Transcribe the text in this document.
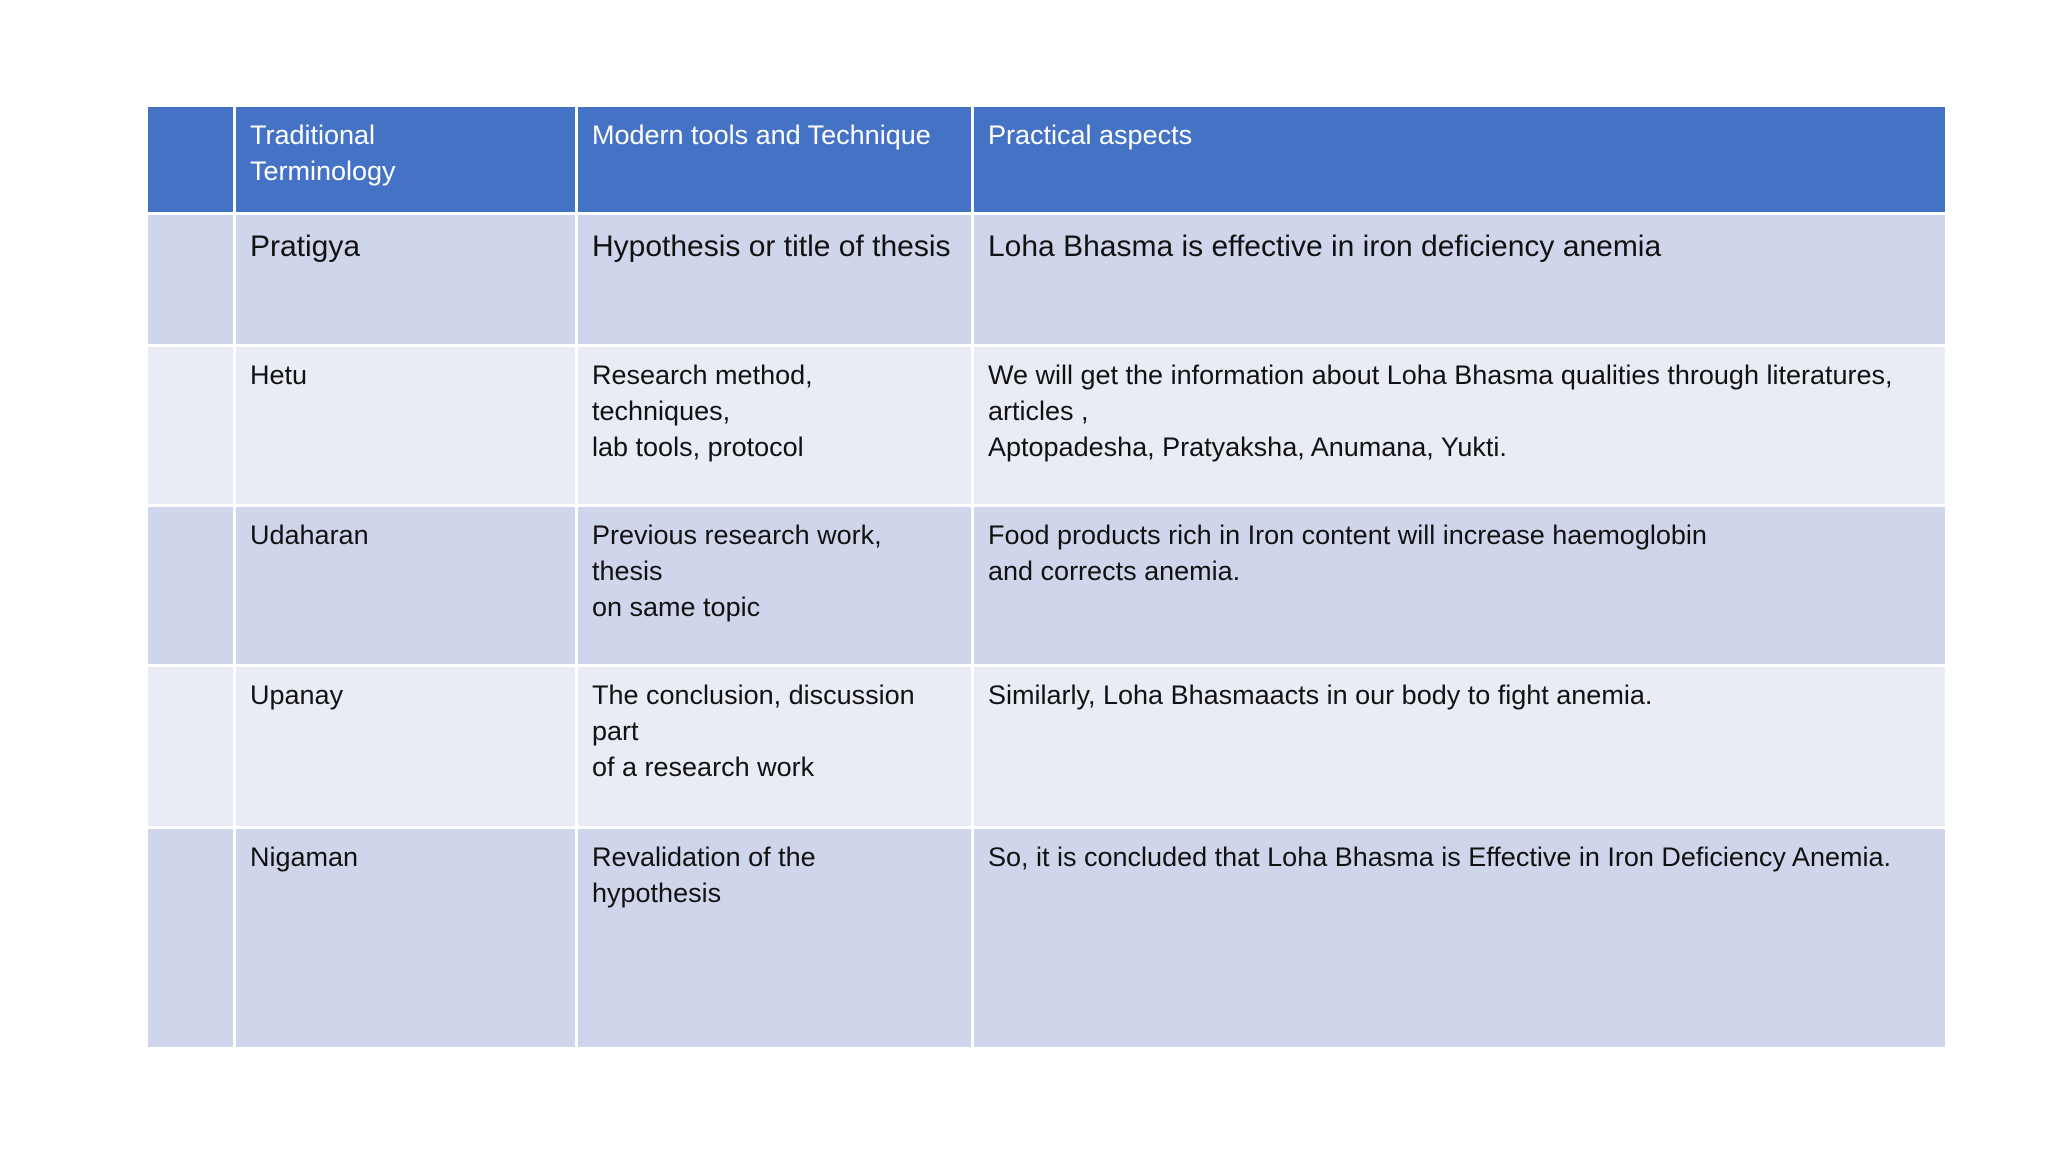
	Traditional
Terminology	Modern tools and Technique	Practical aspects

	Pratigya	Hypothesis or title of thesis	Loha Bhasma is effective in iron deficiency anemia

	Hetu	Research method,
techniques,
lab tools, protocol	We will get the information about Loha Bhasma qualities through literatures,
articles ,
Aptopadesha, Pratyaksha, Anumana, Yukti.

	Udaharan	Previous research work,
thesis
on same topic	Food products rich in Iron content will increase haemoglobin
and corrects anemia.

	Upanay	The conclusion, discussion
part
of a research work	Similarly, Loha Bhasmaacts in our body to fight anemia.

	Nigaman	Revalidation of the
hypothesis	So, it is concluded that Loha Bhasma is Effective in Iron Deficiency Anemia.
